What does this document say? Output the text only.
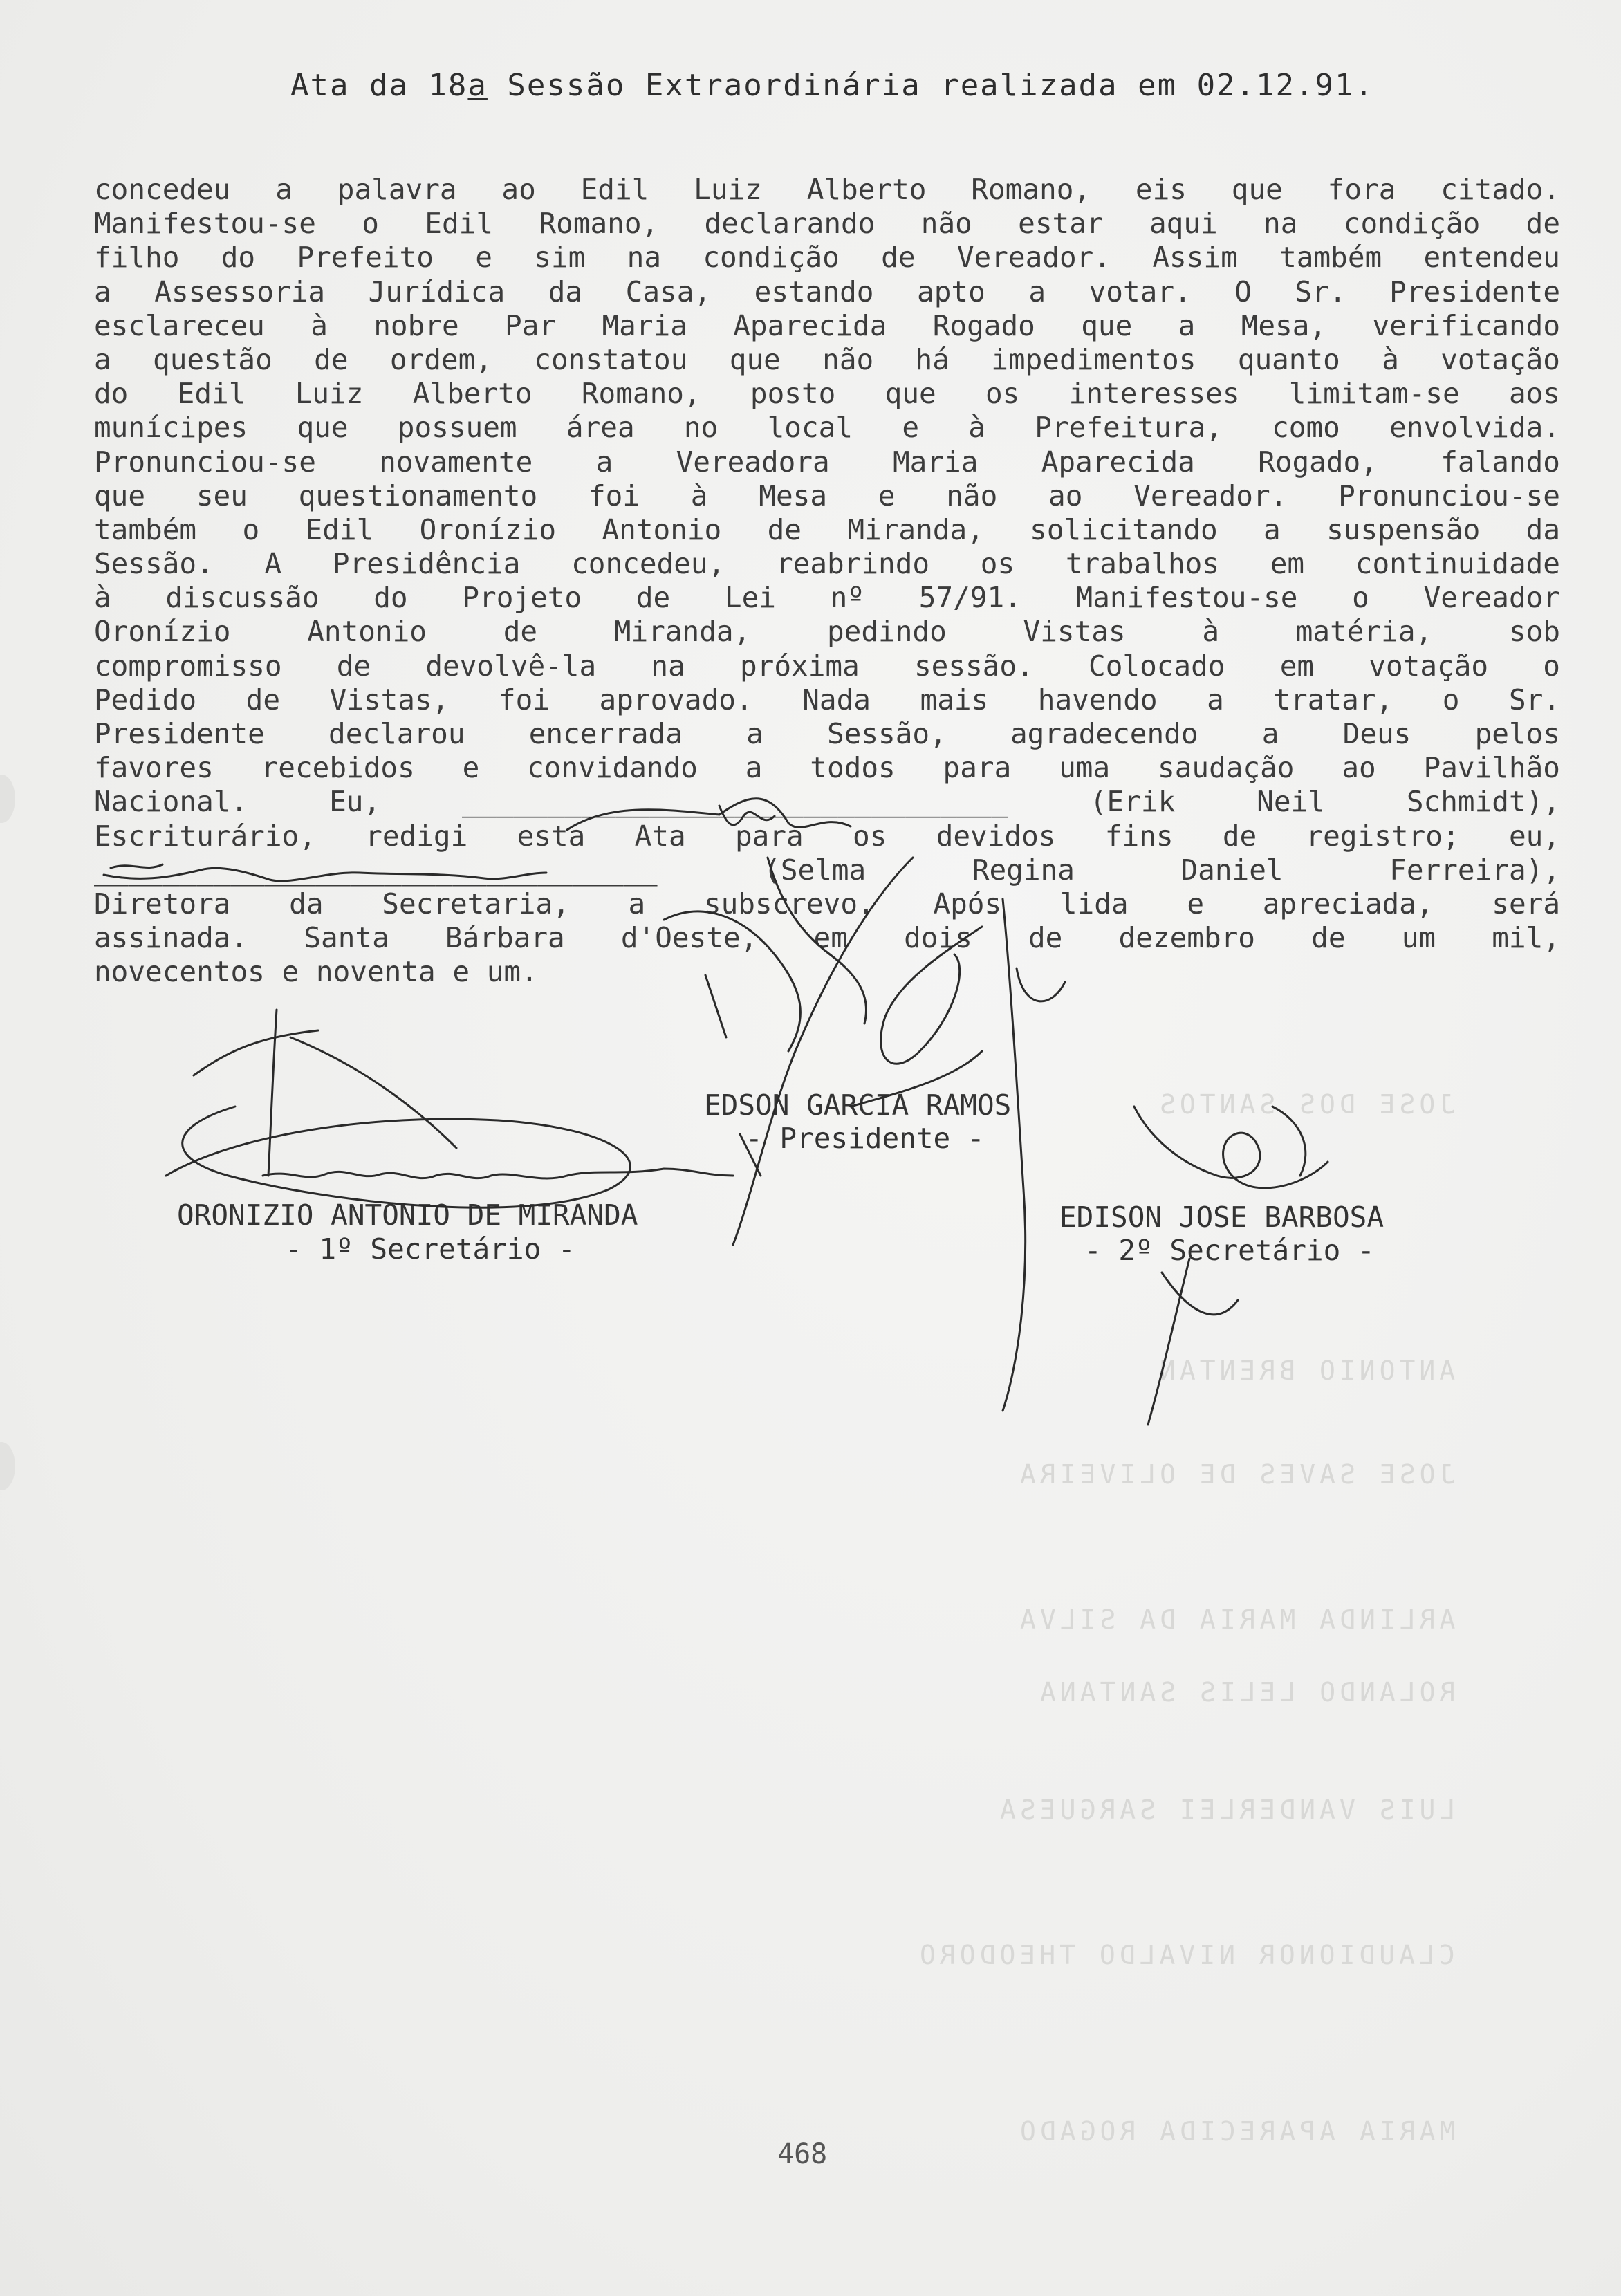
JOSE DOS SANTOS
ANTONIO BRENTAN
JOSE SAVES DE OLIVEIRA
ARLINDA MARIA DA SILVA
ROLANDO LELIS SANTANA
LUIS VANDERLEI SARGUESA
CLAUDIONOR NIVALDO THEODORO
MARIA APARECIDA ROGADO
Ata da 18a Sessão Extraordinária realizada em 02.12.91.
concedeu a palavra ao Edil Luiz Alberto Romano, eis que fora citado.
Manifestou-se o Edil Romano, declarando não estar aqui na condição de
filho do Prefeito e sim na condição de Vereador. Assim também entendeu
a Assessoria Jurídica da Casa, estando apto a votar. O Sr. Presidente
esclareceu à nobre Par Maria Aparecida Rogado que a Mesa, verificando
a questão de ordem, constatou que não há impedimentos quanto à votação
do Edil Luiz Alberto Romano, posto que os interesses limitam-se aos
munícipes que possuem área no local e à Prefeitura, como envolvida.
Pronunciou-se novamente a Vereadora Maria Aparecida Rogado, falando
que seu questionamento foi à Mesa e não ao Vereador. Pronunciou-se
também o Edil Oronízio Antonio de Miranda, solicitando a suspensão da
Sessão. A Presidência concedeu, reabrindo os trabalhos em continuidade
à discussão do Projeto de Lei nº 57/91. Manifestou-se o Vereador
Oronízio Antonio de Miranda, pedindo Vistas à matéria, sob
compromisso de devolvê-la na próxima sessão. Colocado em votação o
Pedido de Vistas, foi aprovado. Nada mais havendo a tratar, o Sr.
Presidente declarou encerrada a Sessão, agradecendo a Deus pelos
favores recebidos e convidando a todos para uma saudação ao Pavilhão
Nacional. Eu, ________________________________ (Erik Neil Schmidt),
Escriturário, redigi esta Ata para os devidos fins de registro; eu,
_________________________________ (Selma Regina Daniel Ferreira),
Diretora da Secretaria, a subscrevo. Após lida e apreciada, será
assinada. Santa Bárbara d'Oeste, em dois de dezembro de um mil,
novecentos e noventa e um.
EDSON GARCIA RAMOS
- Presidente -
ORONIZIO ANTONIO DE MIRANDA
- 1º Secretário -
EDISON JOSE BARBOSA
- 2º Secretário -
468
